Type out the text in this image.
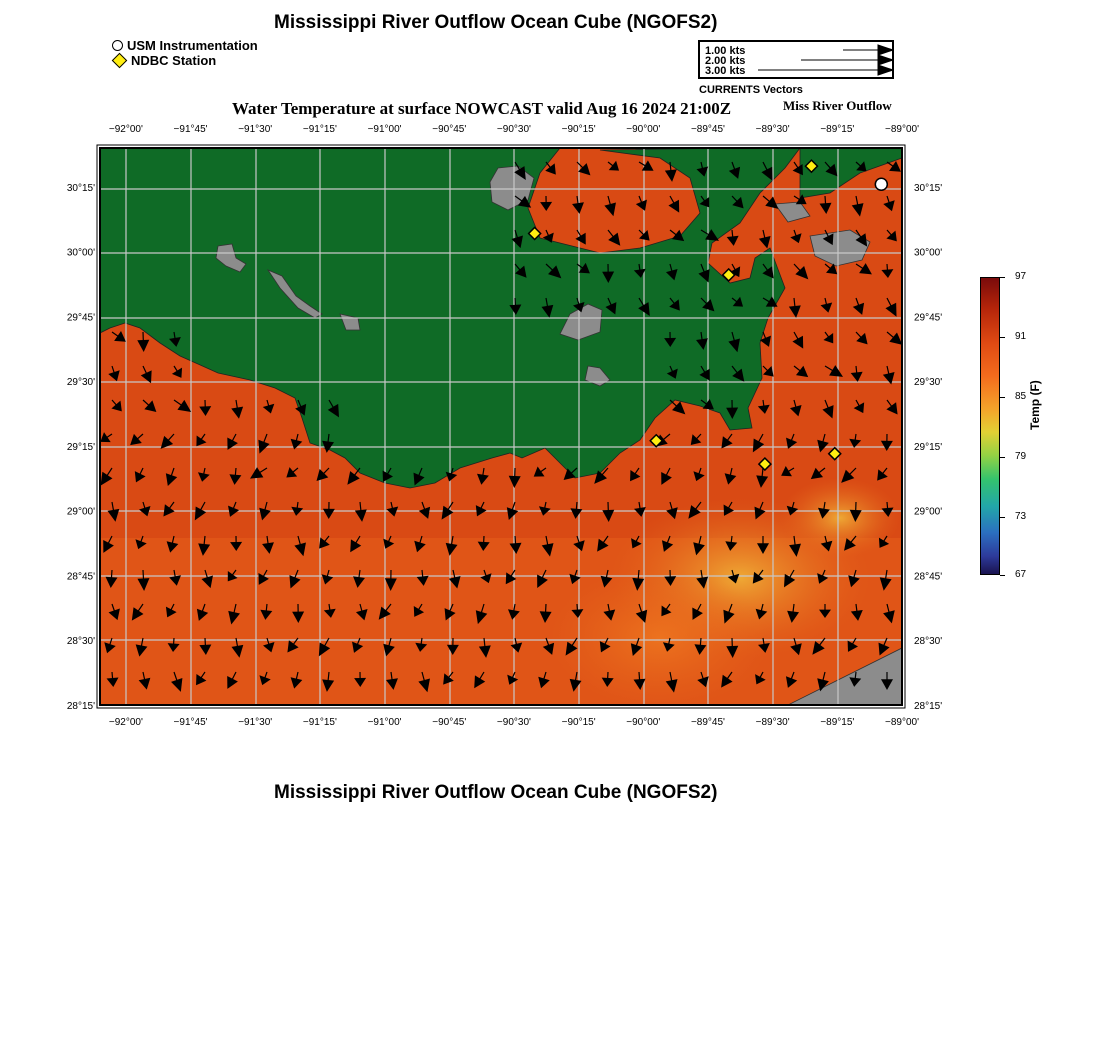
Mississippi River Outflow Ocean Cube (NGOFS2)
USM Instrumentation
NDBC Station
1.00 kts
2.00 kts
3.00 kts
CURRENTS Vectors
Water Temperature at surface NOWCAST valid Aug 16 2024 21:00Z	Miss River Outflow
−92°00'
−92°00'
−91°45'
−91°45'
−91°30'
−91°30'
−91°15'
−91°15'
−91°00'
−91°00'
−90°45'
−90°45'
−90°30'
−90°30'
−90°15'
−90°15'
−90°00'
−90°00'
−89°45'
−89°45'
−89°30'
−89°30'
−89°15'
−89°15'
−89°00'
−89°00'
30°15'	30°15'
30°00'	30°00'
29°45'	29°45'
29°30'	29°30'
29°15'	29°15'
29°00'	29°00'
28°45'	28°45'
28°30'	28°30'
28°15'	28°15'
97
91
85
79
73
67
Temp (F)
Mississippi River Outflow Ocean Cube (NGOFS2)
